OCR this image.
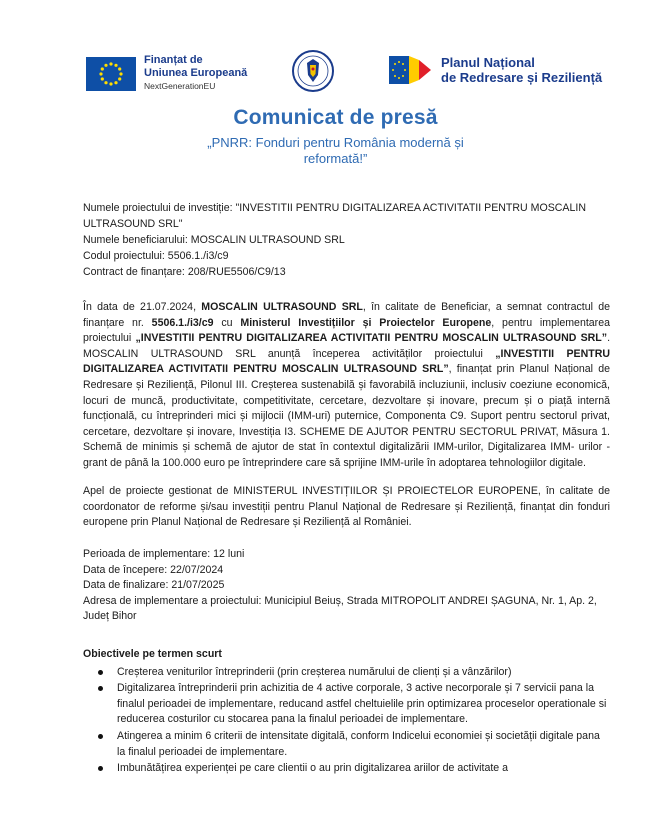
Finanțat de
Uniunea Europeană
NextGenerationEU
Planul Național
de Redresare și Reziliență
Comunicat de presă
„PNRR: Fonduri pentru România modernă și
reformată!”
Numele proiectului de investiție: "INVESTITII PENTRU DIGITALIZAREA ACTIVITATII PENTRU MOSCALIN ULTRASOUND SRL"
Numele beneficiarului: MOSCALIN ULTRASOUND SRL
Codul proiectului: 5506.1./i3/c9
Contract de finanțare: 208/RUE5506/C9/13
În data de 21.07.2024, MOSCALIN ULTRASOUND SRL, în calitate de Beneficiar, a semnat contractul de finanțare nr. 5506.1./i3/c9 cu Ministerul Investițiilor și Proiectelor Europene, pentru implementarea proiectului „INVESTITII PENTRU DIGITALIZAREA ACTIVITATII PENTRU MOSCALIN ULTRASOUND SRL”. MOSCALIN ULTRASOUND SRL anunță începerea activităților proiectului „INVESTITII PENTRU DIGITALIZAREA ACTIVITATII PENTRU MOSCALIN ULTRASOUND SRL”, finanțat prin Planul Național de Redresare și Reziliență, Pilonul III. Creșterea sustenabilă și favorabilă incluziunii, inclusiv coeziune economică, locuri de muncă, productivitate, competitivitate, cercetare, dezvoltare și inovare, precum și o piață internă funcțională, cu întreprinderi mici și mijlocii (IMM-uri) puternice, Componenta C9. Suport pentru sectorul privat, cercetare, dezvoltare și inovare, Investiția I3. SCHEME DE AJUTOR PENTRU SECTORUL PRIVAT, Măsura 1. Schemă de minimis și schemă de ajutor de stat în contextul digitalizării IMM-urilor, Digitalizarea IMM- urilor - grant de până la 100.000 euro pe întreprindere care să sprijine IMM-urile în adoptarea tehnologiilor digitale.
Apel de proiecte gestionat de MINISTERUL INVESTIȚIILOR ȘI PROIECTELOR EUROPENE, în calitate de coordonator de reforme și/sau investiții pentru Planul Național de Redresare și Reziliență, finanțat din fonduri europene prin Planul Național de Redresare și Reziliență al României.
Perioada de implementare: 12 luni
Data de începere: 22/07/2024
Data de finalizare: 21/07/2025
Adresa de implementare a proiectului: Municipiul Beiuș, Strada MITROPOLIT ANDREI ȘAGUNA, Nr. 1, Ap. 2, Județ Bihor
Obiectivele pe termen scurt
Creșterea veniturilor întreprinderii (prin creșterea numărului de clienți și a vânzărilor)
Digitalizarea întreprinderii prin achizitia de 4 active corporale, 3 active necorporale și 7 servicii pana la finalul perioadei de implementare, reducand astfel cheltuielile prin optimizarea proceselor operationale si reducerea costurilor cu stocarea pana la finalul perioadei de implementare.
Atingerea a minim 6 criterii de intensitate digitală, conform Indicelui economiei și societății digitale pana la finalul perioadei de implementare.
Imbunătățirea experienței pe care clientii o au prin digitalizarea ariilor de activitate a
